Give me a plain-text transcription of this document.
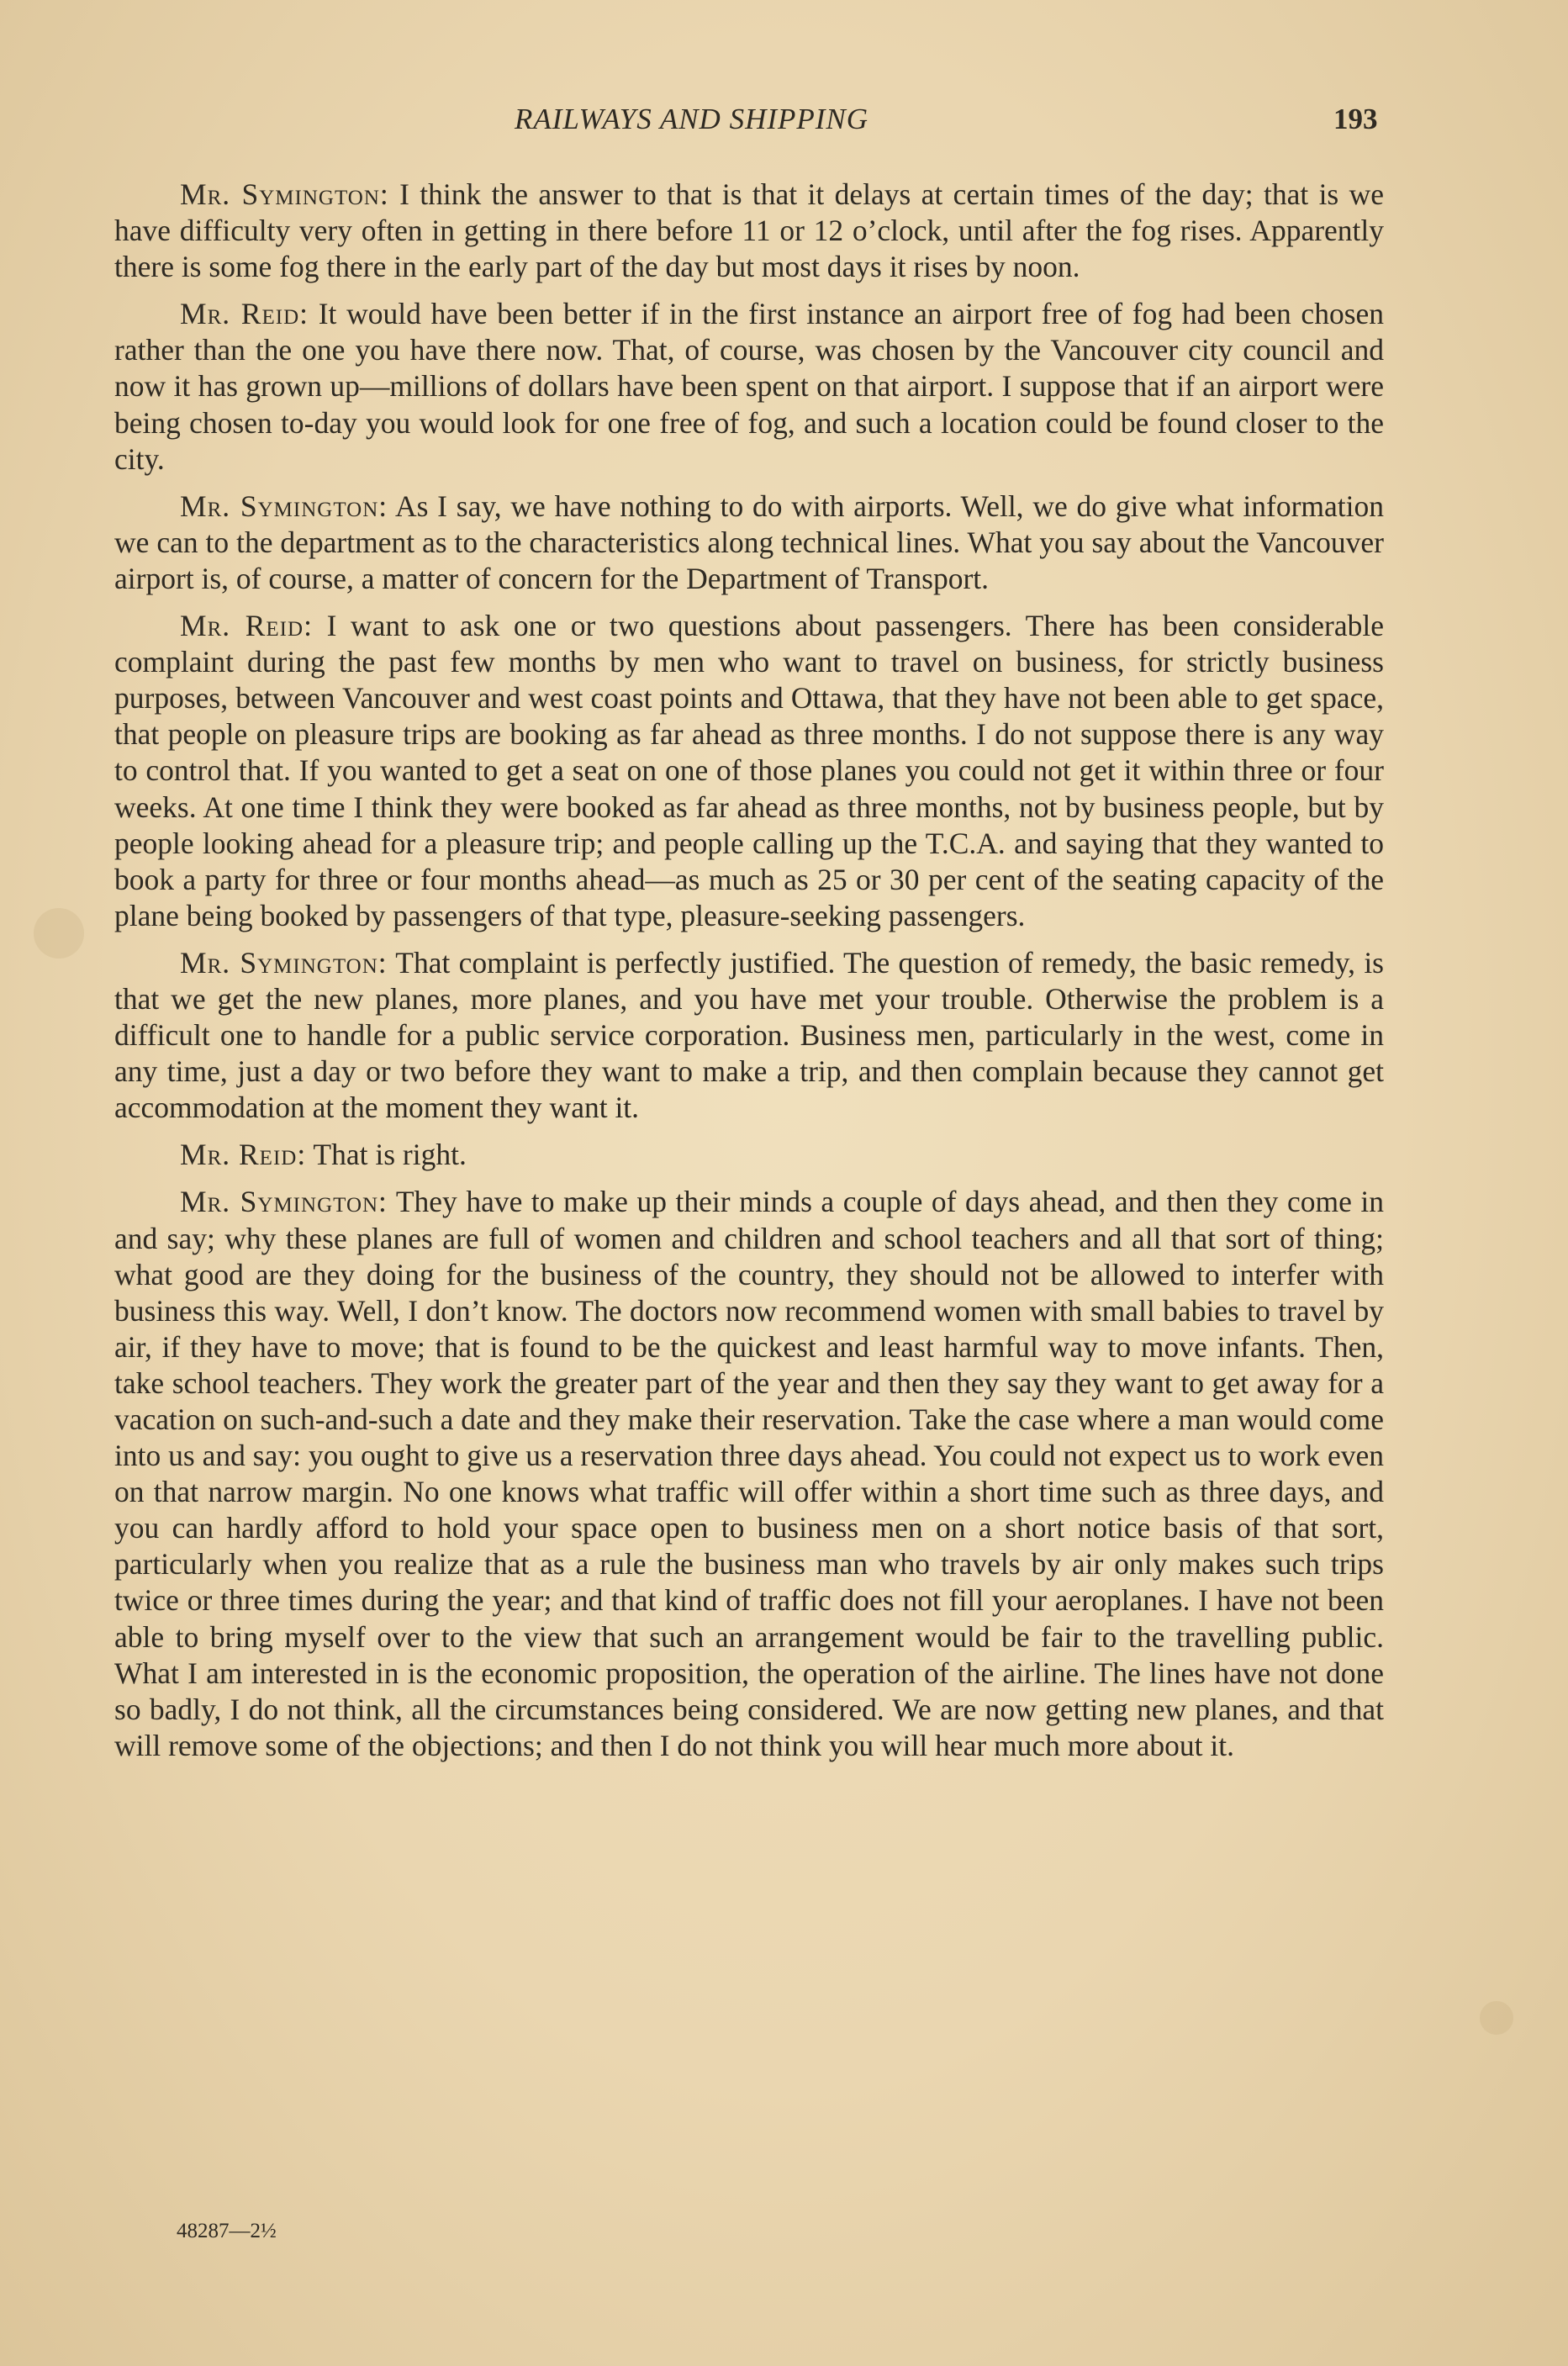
RAILWAYS AND SHIPPING	193

Mr. Symington: I think the answer to that is that it delays at certain times of the day; that is we have difficulty very often in getting in there before 11 or 12 o’clock, until after the fog rises. Apparently there is some fog there in the early part of the day but most days it rises by noon.

Mr. Reid: It would have been better if in the first instance an airport free of fog had been chosen rather than the one you have there now. That, of course, was chosen by the Vancouver city council and now it has grown up—millions of dollars have been spent on that airport. I suppose that if an airport were being chosen to-day you would look for one free of fog, and such a location could be found closer to the city.

Mr. Symington: As I say, we have nothing to do with airports. Well, we do give what information we can to the department as to the characteristics along technical lines. What you say about the Vancouver airport is, of course, a matter of concern for the Department of Transport.

Mr. Reid: I want to ask one or two questions about passengers. There has been considerable complaint during the past few months by men who want to travel on business, for strictly business purposes, between Vancouver and west coast points and Ottawa, that they have not been able to get space, that people on pleasure trips are booking as far ahead as three months. I do not suppose there is any way to control that. If you wanted to get a seat on one of those planes you could not get it within three or four weeks. At one time I think they were booked as far ahead as three months, not by business people, but by people looking ahead for a pleasure trip; and people calling up the T.C.A. and saying that they wanted to book a party for three or four months ahead—as much as 25 or 30 per cent of the seating capacity of the plane being booked by passengers of that type, pleasure-seeking passengers.

Mr. Symington: That complaint is perfectly justified. The question of remedy, the basic remedy, is that we get the new planes, more planes, and you have met your trouble. Otherwise the problem is a difficult one to handle for a public service corporation. Business men, particularly in the west, come in any time, just a day or two before they want to make a trip, and then complain because they cannot get accommodation at the moment they want it.

Mr. Reid: That is right.

Mr. Symington: They have to make up their minds a couple of days ahead, and then they come in and say; why these planes are full of women and children and school teachers and all that sort of thing; what good are they doing for the business of the country, they should not be allowed to interfer with business this way. Well, I don’t know. The doctors now recommend women with small babies to travel by air, if they have to move; that is found to be the quickest and least harmful way to move infants. Then, take school teachers. They work the greater part of the year and then they say they want to get away for a vacation on such-and-such a date and they make their reservation. Take the case where a man would come into us and say: you ought to give us a reservation three days ahead. You could not expect us to work even on that narrow margin. No one knows what traffic will offer within a short time such as three days, and you can hardly afford to hold your space open to business men on a short notice basis of that sort, particularly when you realize that as a rule the business man who travels by air only makes such trips twice or three times during the year; and that kind of traffic does not fill your aeroplanes. I have not been able to bring myself over to the view that such an arrangement would be fair to the travelling public. What I am interested in is the economic proposition, the operation of the airline. The lines have not done so badly, I do not think, all the circumstances being considered. We are now getting new planes, and that will remove some of the objections; and then I do not think you will hear much more about it.

48287—2½
